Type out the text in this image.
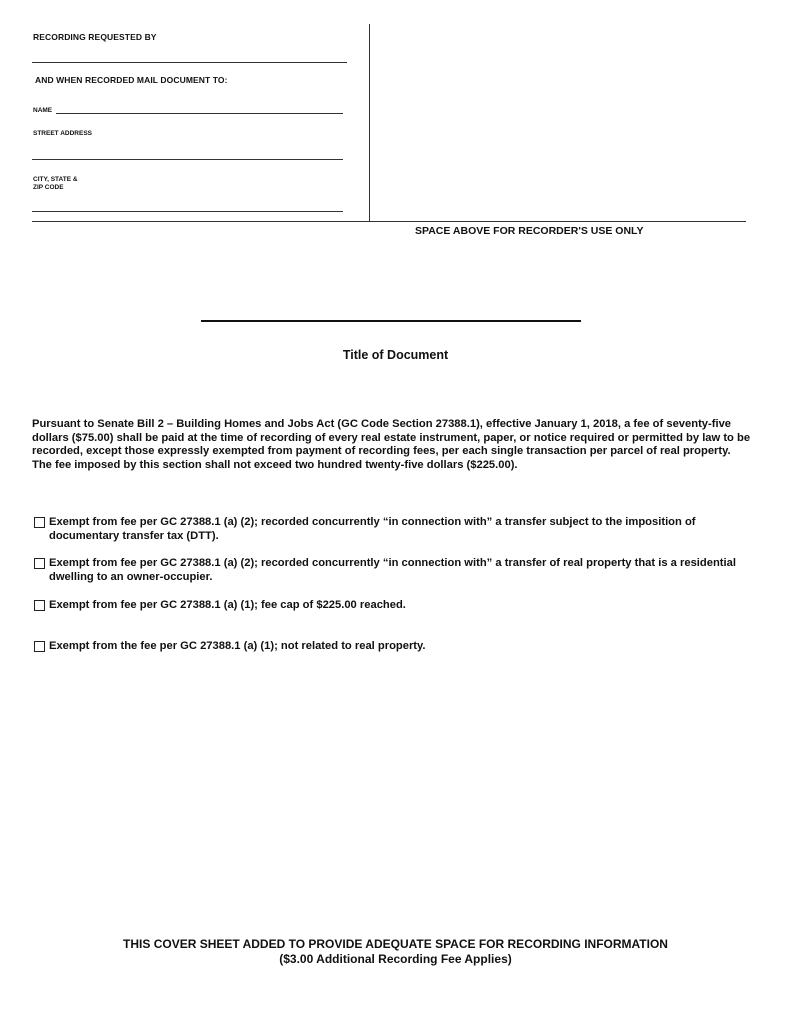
RECORDING REQUESTED BY
AND WHEN RECORDED MAIL DOCUMENT TO:
NAME
STREET ADDRESS
CITY, STATE &
ZIP CODE
SPACE ABOVE FOR RECORDER'S USE ONLY
Title of Document
Pursuant to Senate Bill 2 – Building Homes and Jobs Act (GC Code Section 27388.1), effective January 1, 2018, a fee of seventy-five dollars ($75.00) shall be paid at the time of recording of every real estate instrument, paper, or notice required or permitted by law to be recorded, except those expressly exempted from payment of recording fees, per each single transaction per parcel of real property. The fee imposed by this section shall not exceed two hundred twenty-five dollars ($225.00).
Exempt from fee per GC 27388.1 (a) (2); recorded concurrently “in connection with” a transfer subject to the imposition of documentary transfer tax (DTT).
Exempt from fee per GC 27388.1 (a) (2); recorded concurrently “in connection with” a transfer of real property that is a residential dwelling to an owner-occupier.
Exempt from fee per GC 27388.1 (a) (1); fee cap of $225.00 reached.
Exempt from the fee per GC 27388.1 (a) (1); not related to real property.
THIS COVER SHEET ADDED TO PROVIDE ADEQUATE SPACE FOR RECORDING INFORMATION
($3.00 Additional Recording Fee Applies)
